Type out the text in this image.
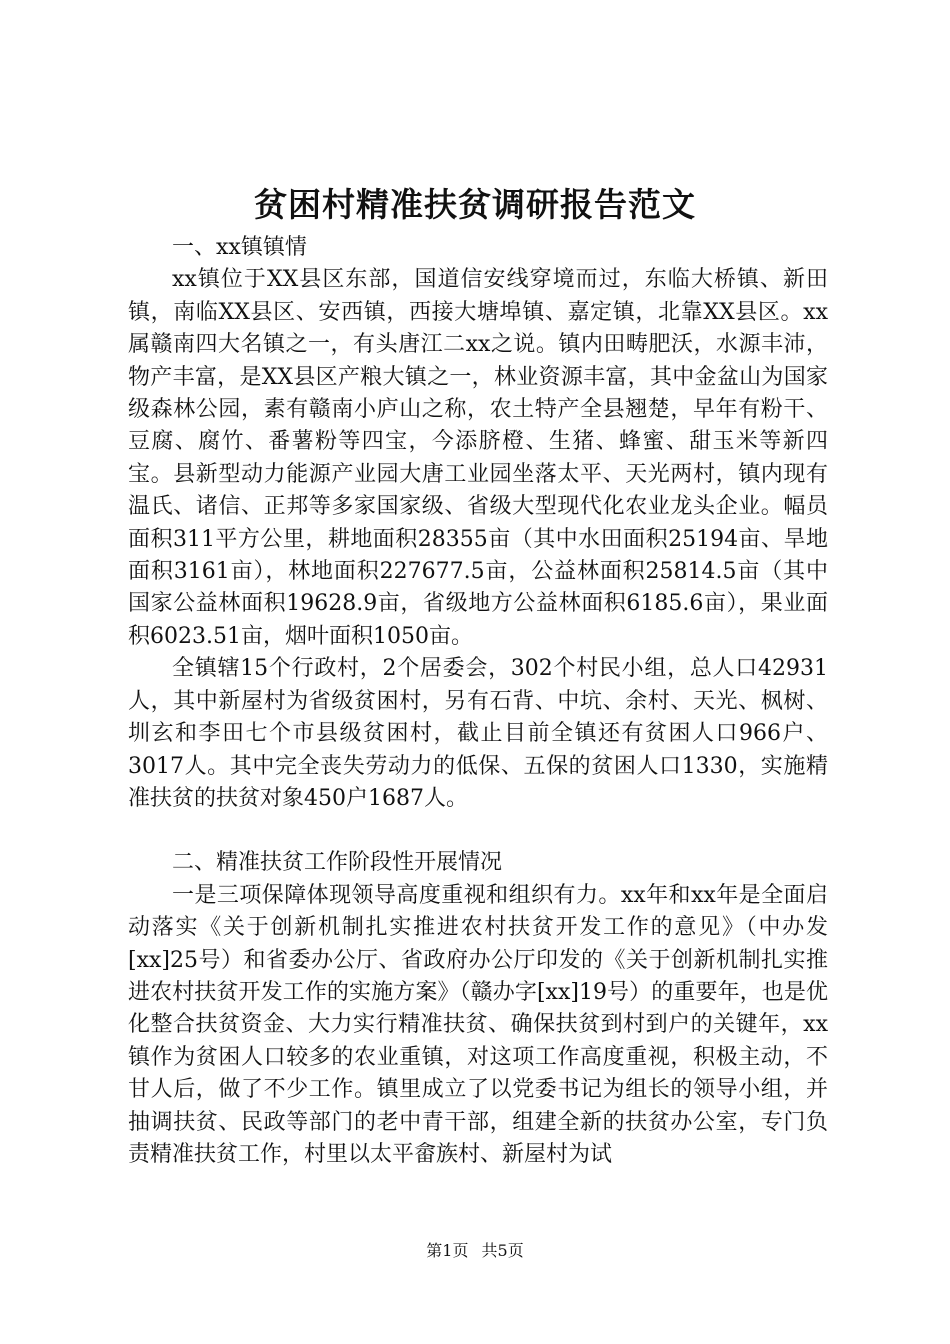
贫困村精准扶贫调研报告范文

一、xx镇镇情

xx镇位于XX县区东部，国道信安线穿境而过，东临大桥镇、新田镇，南临XX县区、安西镇，西接大塘埠镇、嘉定镇，北靠XX县区。xx属赣南四大名镇之一，有头唐江二xx之说。镇内田畴肥沃，水源丰沛，物产丰富，是XX县区产粮大镇之一，林业资源丰富，其中金盆山为国家级森林公园，素有赣南小庐山之称，农土特产全县翘楚，早年有粉干、豆腐、腐竹、番薯粉等四宝，今添脐橙、生猪、蜂蜜、甜玉米等新四宝。县新型动力能源产业园大唐工业园坐落太平、天光两村，镇内现有温氏、诸信、正邦等多家国家级、省级大型现代化农业龙头企业。幅员面积311平方公里，耕地面积28355亩（其中水田面积25194亩、旱地面积3161亩），林地面积227677.5亩，公益林面积25814.5亩（其中国家公益林面积19628.9亩，省级地方公益林面积6185.6亩），果业面积6023.51亩，烟叶面积1050亩。

全镇辖15个行政村，2个居委会，302个村民小组，总人口42931人，其中新屋村为省级贫困村，另有石背、中坑、余村、天光、枫树、圳玄和李田七个市县级贫困村，截止目前全镇还有贫困人口966户、3017人。其中完全丧失劳动力的低保、五保的贫困人口1330，实施精准扶贫的扶贫对象450户1687人。

二、精准扶贫工作阶段性开展情况

一是三项保障体现领导高度重视和组织有力。xx年和xx年是全面启动落实《关于创新机制扎实推进农村扶贫开发工作的意见》（中办发[xx]25号）和省委办公厅、省政府办公厅印发的《关于创新机制扎实推进农村扶贫开发工作的实施方案》（赣办字[xx]19号）的重要年，也是优化整合扶贫资金、大力实行精准扶贫、确保扶贫到村到户的关键年，xx镇作为贫困人口较多的农业重镇，对这项工作高度重视，积极主动，不甘人后，做了不少工作。镇里成立了以党委书记为组长的领导小组，并抽调扶贫、民政等部门的老中青干部，组建全新的扶贫办公室，专门负责精准扶贫工作，村里以太平畲族村、新屋村为试

第1页 共5页
